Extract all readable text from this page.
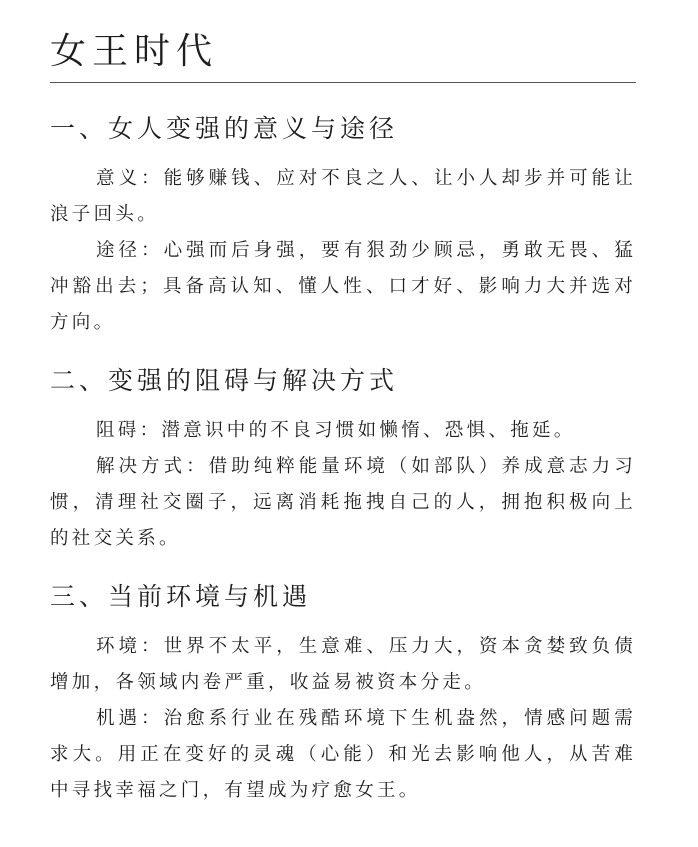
女王时代
一、女人变强的意义与途径

意义：能够赚钱、应对不良之人、让小人却步并可能让浪子回头。

途径：心强而后身强，要有狠劲少顾忌，勇敢无畏、猛冲豁出去；具备高认知、懂人性、口才好、影响力大并选对方向。

二、变强的阻碍与解决方式

阻碍：潜意识中的不良习惯如懒惰、恐惧、拖延。

解决方式：借助纯粹能量环境（如部队）养成意志力习惯，清理社交圈子，远离消耗拖拽自己的人，拥抱积极向上的社交关系。

三、当前环境与机遇

环境：世界不太平，生意难、压力大，资本贪婪致负债增加，各领域内卷严重，收益易被资本分走。

机遇：治愈系行业在残酷环境下生机盎然，情感问题需求大。用正在变好的灵魂（心能）和光去影响他人，从苦难中寻找幸福之门，有望成为疗愈女王。
